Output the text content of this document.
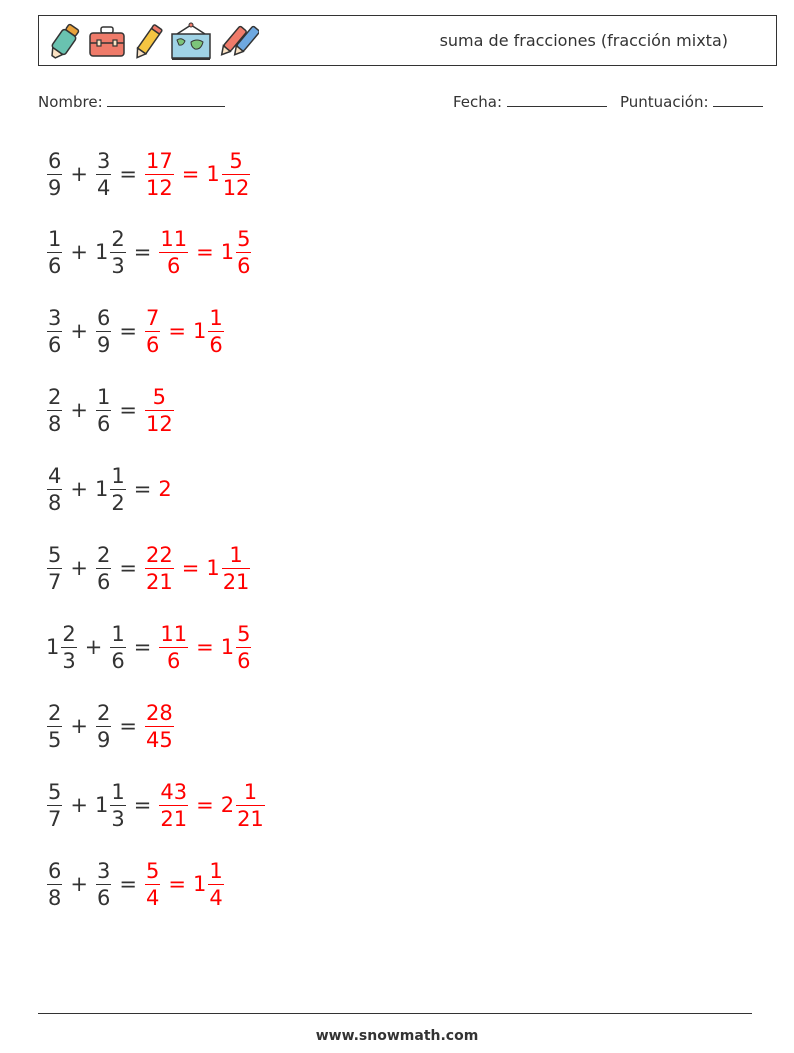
suma de fracciones (fracción mixta)
Nombre:	Fecha:	Puntuación:
$\frac{6}{9} + \frac{3}{4} = \frac{17}{12} = 1 \frac{5}{12}$
$\frac{1}{6} + 1 \frac{2}{3} = \frac{11}{6} = 1 \frac{5}{6}$
$\frac{3}{6} + \frac{6}{9} = \frac{7}{6} = 1 \frac{1}{6}$
$\frac{2}{8} + \frac{1}{6} = \frac{5}{12}$
$\frac{4}{8} + 1 \frac{1}{2} = 2$
$\frac{5}{7} + \frac{2}{6} = \frac{22}{21} = 1 \frac{1}{21}$
$1 \frac{2}{3} + \frac{1}{6} = \frac{11}{6} = 1 \frac{5}{6}$
$\frac{2}{5} + \frac{2}{9} = \frac{28}{45}$
$\frac{5}{7} + 1 \frac{1}{3} = \frac{43}{21} = 2 \frac{1}{21}$
$\frac{6}{8} + \frac{3}{6} = \frac{5}{4} = 1 \frac{1}{4}$
www.snowmath.com
